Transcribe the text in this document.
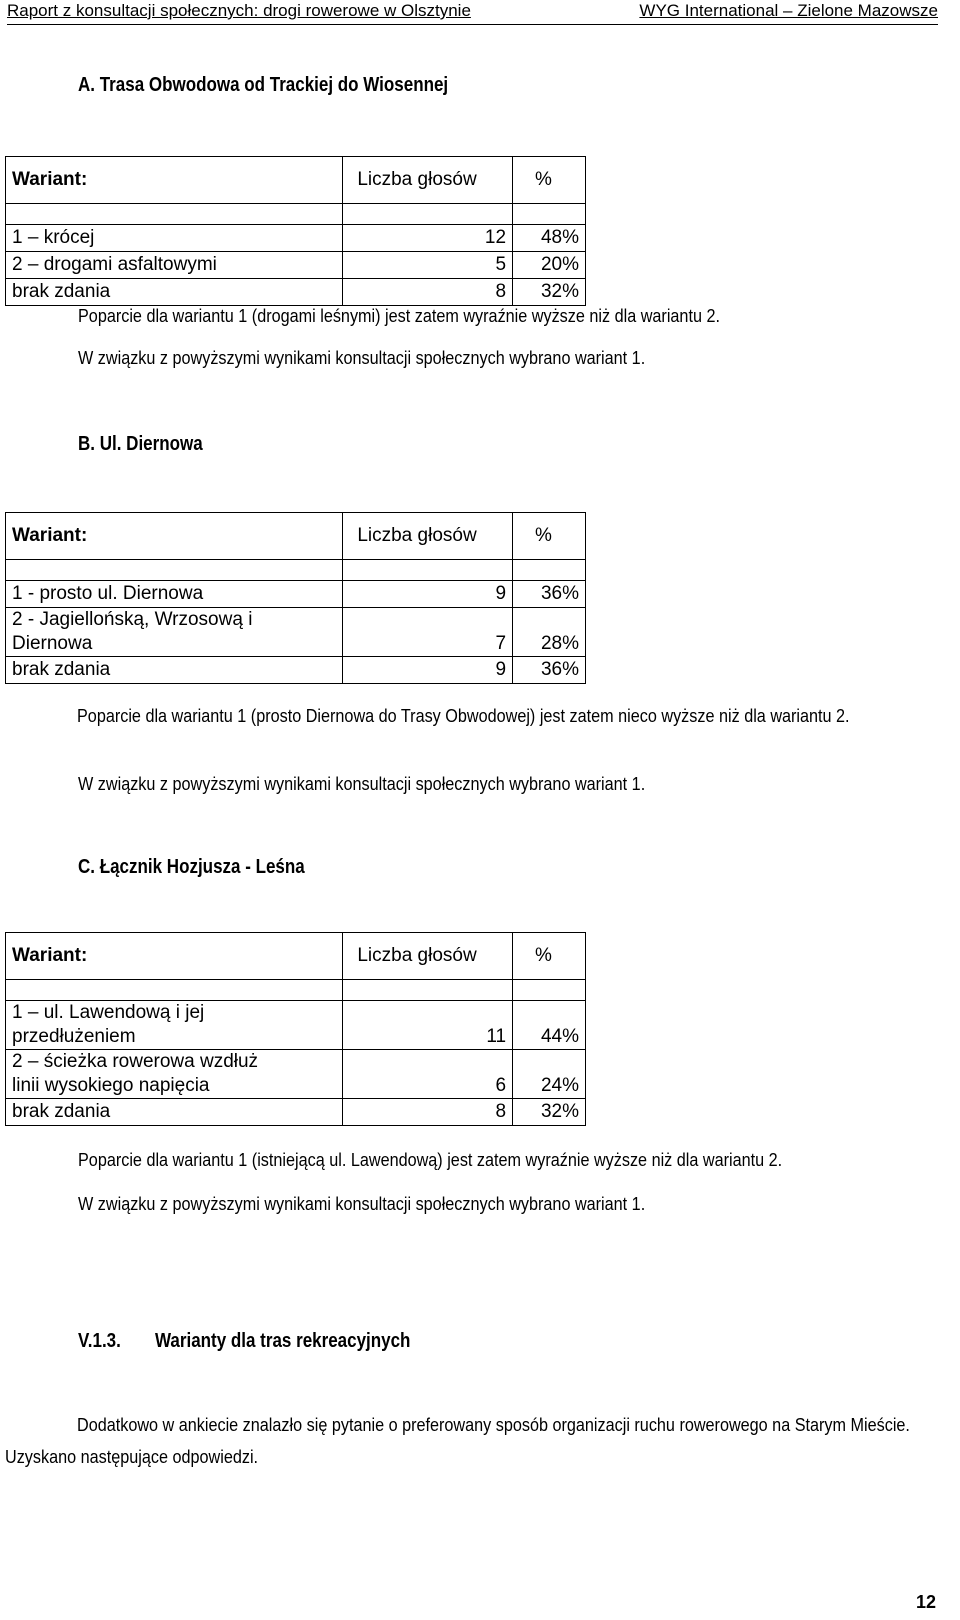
Raport z konsultacji społecznych: drogi rowerowe w Olsztynie	WYG International – Zielone Mazowsze
A. Trasa Obwodowa od Trackiej do Wiosennej
Wariant:	Liczba głosów	%

1 – krócej	12	48%
2 – drogami asfaltowymi	5	20%
brak zdania	8	32%
Poparcie dla wariantu 1 (drogami leśnymi) jest zatem wyraźnie wyższe niż dla wariantu 2.
W związku z powyższymi wynikami konsultacji społecznych wybrano wariant 1.
B. Ul. Diernowa
Wariant:	Liczba głosów	%

1 - prosto ul. Diernowa	9	36%

2 - Jagiellońską, Wrzosową i
Diernowa	7	28%
brak zdania	9	36%
Poparcie dla wariantu 1 (prosto Diernowa do Trasy Obwodowej) jest zatem nieco wyższe niż dla wariantu 2.
W związku z powyższymi wynikami konsultacji społecznych wybrano wariant 1.
C. Łącznik Hozjusza - Leśna
Wariant:	Liczba głosów	%

1 – ul. Lawendową i jej
przedłużeniem	11	44%

2 – ścieżka rowerowa wzdłuż
linii wysokiego napięcia	6	24%
brak zdania	8	32%
Poparcie dla wariantu 1 (istniejącą ul. Lawendową) jest zatem wyraźnie wyższe niż dla wariantu 2.
W związku z powyższymi wynikami konsultacji społecznych wybrano wariant 1.
V.1.3. Warianty dla tras rekreacyjnych
Dodatkowo w ankiecie znalazło się pytanie o preferowany sposób organizacji ruchu rowerowego na Starym Mieście. Uzyskano następujące odpowiedzi.
12
